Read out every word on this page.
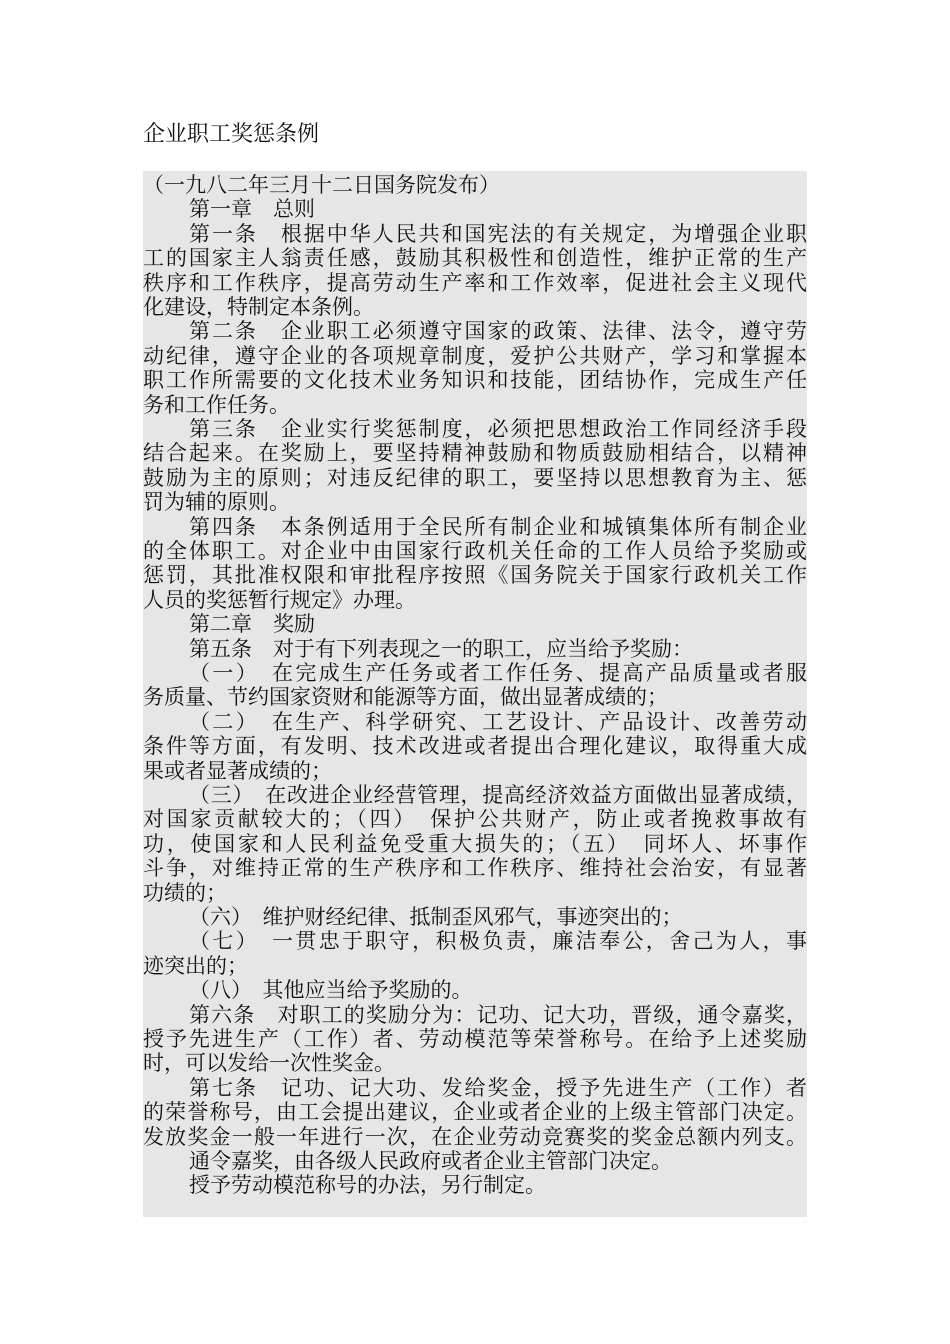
企业职工奖惩条例
（一九八二年三月十二日国务院发布）
第一章　总则
第一条　根据中华人民共和国宪法的有关规定，为增强企业职
工的国家主人翁责任感，鼓励其积极性和创造性，维护正常的生产
秩序和工作秩序，提高劳动生产率和工作效率，促进社会主义现代
化建设，特制定本条例。
第二条　企业职工必须遵守国家的政策、法律、法令，遵守劳
动纪律，遵守企业的各项规章制度，爱护公共财产，学习和掌握本
职工作所需要的文化技术业务知识和技能，团结协作，完成生产任
务和工作任务。
第三条　企业实行奖惩制度，必须把思想政治工作同经济手段
结合起来。在奖励上，要坚持精神鼓励和物质鼓励相结合，以精神
鼓励为主的原则；对违反纪律的职工，要坚持以思想教育为主、惩
罚为辅的原则。
第四条　本条例适用于全民所有制企业和城镇集体所有制企业
的全体职工。对企业中由国家行政机关任命的工作人员给予奖励或
惩罚，其批准权限和审批程序按照《国务院关于国家行政机关工作
人员的奖惩暂行规定》办理。
第二章　奖励
第五条　对于有下列表现之一的职工，应当给予奖励：
（一）　在完成生产任务或者工作任务、提高产品质量或者服
务质量、节约国家资财和能源等方面，做出显著成绩的；
（二）　在生产、科学研究、工艺设计、产品设计、改善劳动
条件等方面，有发明、技术改进或者提出合理化建议，取得重大成
果或者显著成绩的；
（三）　在改进企业经营管理，提高经济效益方面做出显著成绩，
对国家贡献较大的；（四）　保护公共财产，防止或者挽救事故有
功，使国家和人民利益免受重大损失的；（五）　同坏人、坏事作
斗争，对维持正常的生产秩序和工作秩序、维持社会治安，有显著
功绩的；
（六）　维护财经纪律、抵制歪风邪气，事迹突出的；
（七）　一贯忠于职守，积极负责，廉洁奉公，舍己为人，事
迹突出的；
（八）　其他应当给予奖励的。
第六条　对职工的奖励分为：记功、记大功，晋级，通令嘉奖，
授予先进生产（工作）者、劳动模范等荣誉称号。在给予上述奖励
时，可以发给一次性奖金。
第七条　记功、记大功、发给奖金，授予先进生产（工作）者
的荣誉称号，由工会提出建议，企业或者企业的上级主管部门决定。
发放奖金一般一年进行一次，在企业劳动竞赛奖的奖金总额内列支。
通令嘉奖，由各级人民政府或者企业主管部门决定。
授予劳动模范称号的办法，另行制定。
